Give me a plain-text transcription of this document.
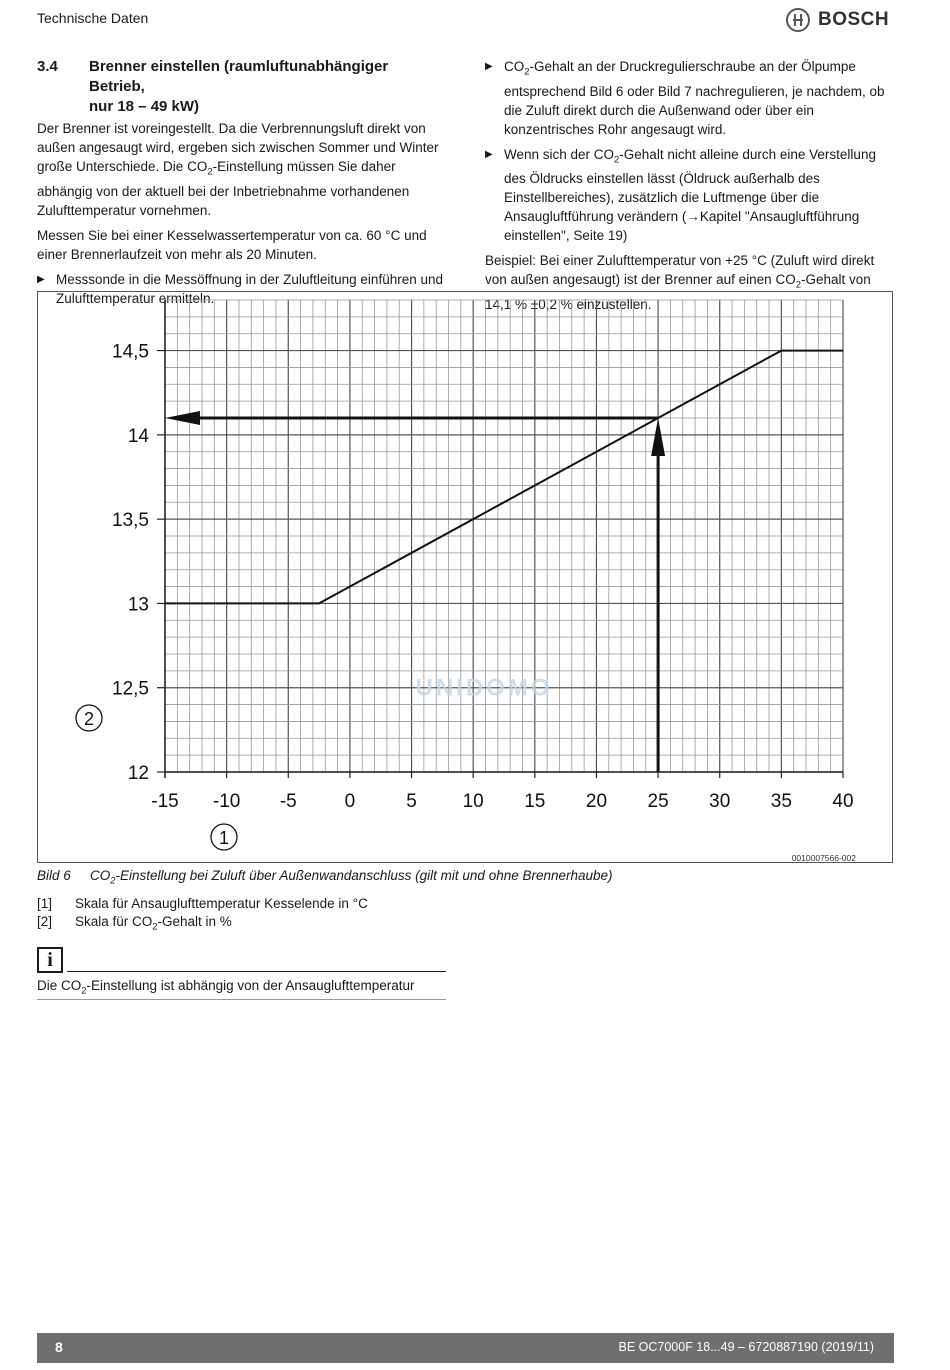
Technische Daten	BOSCH
3.4	Brenner einstellen (raumluftunabhängiger Betrieb,
nur 18 – 49 kW)

Der Brenner ist voreingestellt. Da die Verbrennungsluft direkt von außen angesaugt wird, ergeben sich zwischen Sommer und Winter große Unterschiede. Die $CO_2$-Einstellung müssen Sie daher abhängig von der aktuell bei der Inbetriebnahme vorhandenen Zulufttemperatur vornehmen.

Messen Sie bei einer Kesselwassertemperatur von ca. 60 °C und einer Brennerlaufzeit von mehr als 20 Minuten.

▶ Messsonde in die Messöffnung in der Zuluftleitung einführen und Zulufttemperatur ermitteln.
▶ $CO_2$-Gehalt an der Druckregulierschraube an der Ölpumpe entsprechend Bild 6 oder Bild 7 nachregulieren, je nachdem, ob die Zuluft direkt durch die Außenwand oder über ein konzentrisches Rohr angesaugt wird.
▶ Wenn sich der $CO_2$-Gehalt nicht alleine durch eine Verstellung des Öldrucks einstellen lässt (Öldruck außerhalb des Einstellbereiches), zusätzlich die Luftmenge über die Ansaugluftführung verändern (→Kapitel "Ansaugluftführung einstellen", Seite 19)

Beispiel: Bei einer Zulufttemperatur von +25 °C (Zuluft wird direkt von außen angesaugt) ist der Brenner auf einen $CO_2$-Gehalt von 14,1 % ±0,2 % einzustellen.

-15 -10 -5	0	5 10 15 20 25 30 35 40
12
12,5
13
13,5
14
14,5
UNIDOMO
1
2
0010007566-002
Bild 6	$CO_2$-Einstellung bei Zuluft über Außenwandanschluss (gilt mit und ohne Brennerhaube)
[1]	Skala für Ansauglufttemperatur Kesselende in °C
[2]	Skala für $CO_2$-Gehalt in %
i
Die $CO_2$-Einstellung ist abhängig von der Ansauglufttemperatur
8	BE OC7000F 18...49 – 6720887190 (2019/11)
